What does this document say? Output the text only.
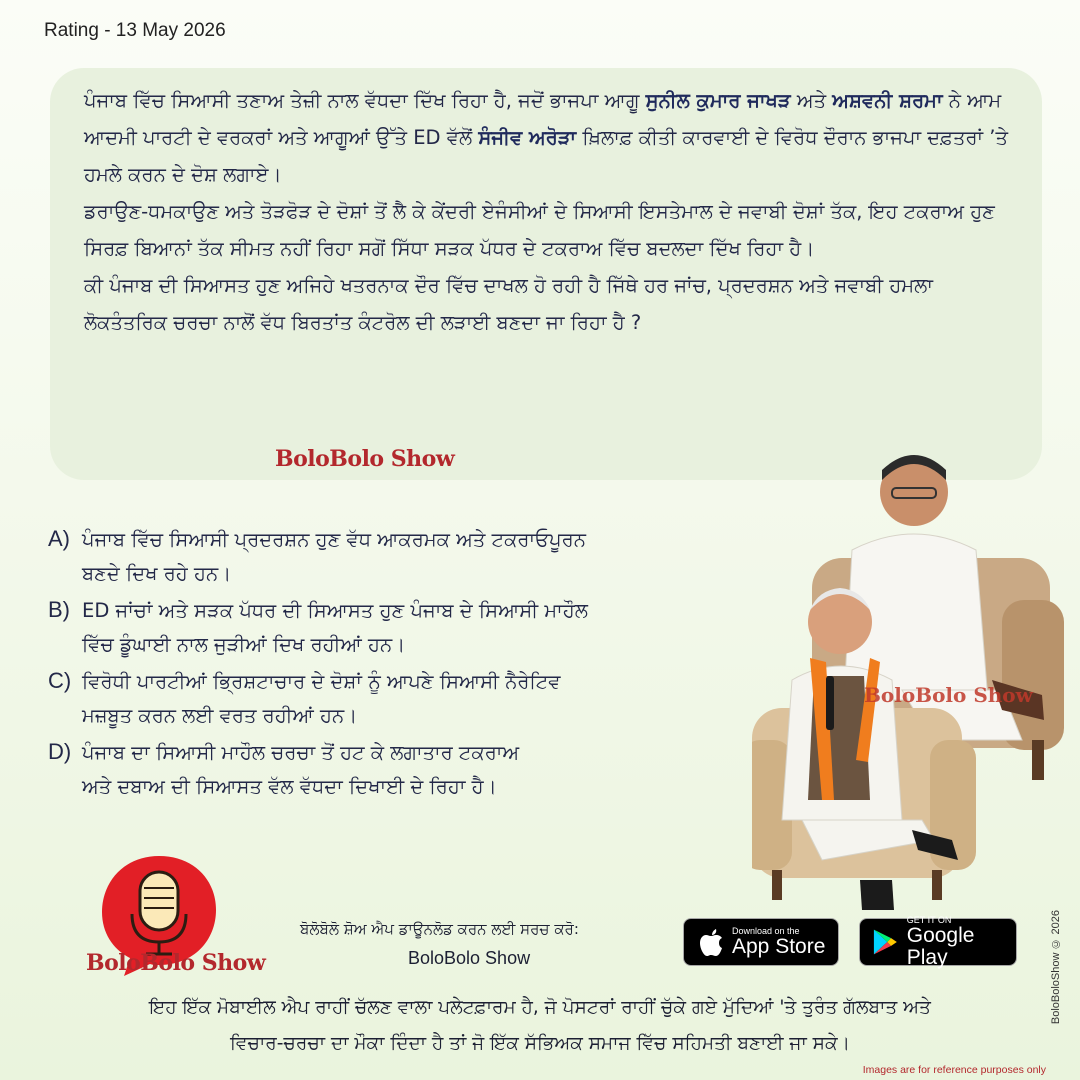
Rating - 13 May 2026

ਪੰਜਾਬ ਵਿੱਚ ਸਿਆਸੀ ਤਣਾਅ ਤੇਜ਼ੀ ਨਾਲ ਵੱਧਦਾ ਦਿੱਖ ਰਿਹਾ ਹੈ, ਜਦੋਂ ਭਾਜਪਾ ਆਗੂ ਸੁਨੀਲ ਕੁਮਾਰ ਜਾਖੜ ਅਤੇ ਅਸ਼ਵਨੀ ਸ਼ਰਮਾ ਨੇ ਆਮ ਆਦਮੀ ਪਾਰਟੀ ਦੇ ਵਰਕਰਾਂ ਅਤੇ ਆਗੂਆਂ ਉੱਤੇ ED ਵੱਲੋਂ ਸੰਜੀਵ ਅਰੋੜਾ ਖ਼ਿਲਾਫ਼ ਕੀਤੀ ਕਾਰਵਾਈ ਦੇ ਵਿਰੋਧ ਦੌਰਾਨ ਭਾਜਪਾ ਦਫ਼ਤਰਾਂ ’ਤੇ ਹਮਲੇ ਕਰਨ ਦੇ ਦੋਸ਼ ਲਗਾਏ।

ਡਰਾਉਣ-ਧਮਕਾਉਣ ਅਤੇ ਤੋੜਫੋੜ ਦੇ ਦੋਸ਼ਾਂ ਤੋਂ ਲੈ ਕੇ ਕੇਂਦਰੀ ਏਜੰਸੀਆਂ ਦੇ ਸਿਆਸੀ ਇਸਤੇਮਾਲ ਦੇ ਜਵਾਬੀ ਦੋਸ਼ਾਂ ਤੱਕ, ਇਹ ਟਕਰਾਅ ਹੁਣ ਸਿਰਫ਼ ਬਿਆਨਾਂ ਤੱਕ ਸੀਮਤ ਨਹੀਂ ਰਿਹਾ ਸਗੋਂ ਸਿੱਧਾ ਸੜਕ ਪੱਧਰ ਦੇ ਟਕਰਾਅ ਵਿੱਚ ਬਦਲਦਾ ਦਿੱਖ ਰਿਹਾ ਹੈ।

ਕੀ ਪੰਜਾਬ ਦੀ ਸਿਆਸਤ ਹੁਣ ਅਜਿਹੇ ਖਤਰਨਾਕ ਦੌਰ ਵਿੱਚ ਦਾਖਲ ਹੋ ਰਹੀ ਹੈ ਜਿੱਥੇ ਹਰ ਜਾਂਚ, ਪ੍ਰਦਰਸ਼ਨ ਅਤੇ ਜਵਾਬੀ ਹਮਲਾ ਲੋਕਤੰਤਰਿਕ ਚਰਚਾ ਨਾਲੋਂ ਵੱਧ ਬਿਰਤਾਂਤ ਕੰਟਰੋਲ ਦੀ ਲੜਾਈ ਬਣਦਾ ਜਾ ਰਿਹਾ ਹੈ ?

BoloBolo Show
A) ਪੰਜਾਬ ਵਿੱਚ ਸਿਆਸੀ ਪ੍ਰਦਰਸ਼ਨ ਹੁਣ ਵੱਧ ਆਕਰਮਕ ਅਤੇ ਟਕਰਾਓਪੂਰਨ
ਬਣਦੇ ਦਿਖ ਰਹੇ ਹਨ।
B) ED ਜਾਂਚਾਂ ਅਤੇ ਸੜਕ ਪੱਧਰ ਦੀ ਸਿਆਸਤ ਹੁਣ ਪੰਜਾਬ ਦੇ ਸਿਆਸੀ ਮਾਹੌਲ
ਵਿੱਚ ਡੂੰਘਾਈ ਨਾਲ ਜੁੜੀਆਂ ਦਿਖ ਰਹੀਆਂ ਹਨ।
C) ਵਿਰੋਧੀ ਪਾਰਟੀਆਂ ਭ੍ਰਿਸ਼ਟਾਚਾਰ ਦੇ ਦੋਸ਼ਾਂ ਨੂੰ ਆਪਣੇ ਸਿਆਸੀ ਨੈਰੇਟਿਵ
ਮਜ਼ਬੂਤ ਕਰਨ ਲਈ ਵਰਤ ਰਹੀਆਂ ਹਨ।
D) ਪੰਜਾਬ ਦਾ ਸਿਆਸੀ ਮਾਹੌਲ ਚਰਚਾ ਤੋਂ ਹਟ ਕੇ ਲਗਾਤਾਰ ਟਕਰਾਅ
ਅਤੇ ਦਬਾਅ ਦੀ ਸਿਆਸਤ ਵੱਲ ਵੱਧਦਾ ਦਿਖਾਈ ਦੇ ਰਿਹਾ ਹੈ।
BoloBolo Show
BoloBolo Show
ਬੋਲੋਬੋਲੋ ਸ਼ੋਅ ਐਪ ਡਾਊਨਲੋਡ ਕਰਨ ਲਈ ਸਰਚ ਕਰੋ:
BoloBolo Show
Download on the
App Store
GET IT ON
Google Play
ਇਹ ਇੱਕ ਮੋਬਾਈਲ ਐਪ ਰਾਹੀਂ ਚੱਲਣ ਵਾਲਾ ਪਲੇਟਫ਼ਾਰਮ ਹੈ, ਜੋ ਪੋਸਟਰਾਂ ਰਾਹੀਂ ਚੁੱਕੇ ਗਏ ਮੁੱਦਿਆਂ 'ਤੇ ਤੁਰੰਤ ਗੱਲਬਾਤ ਅਤੇ
ਵਿਚਾਰ-ਚਰਚਾ ਦਾ ਮੌਕਾ ਦਿੰਦਾ ਹੈ ਤਾਂ ਜੋ ਇੱਕ ਸੱਭਿਅਕ ਸਮਾਜ ਵਿੱਚ ਸਹਿਮਤੀ ਬਣਾਈ ਜਾ ਸਕੇ।
BoloBoloShow © 2026
Images are for reference purposes only
